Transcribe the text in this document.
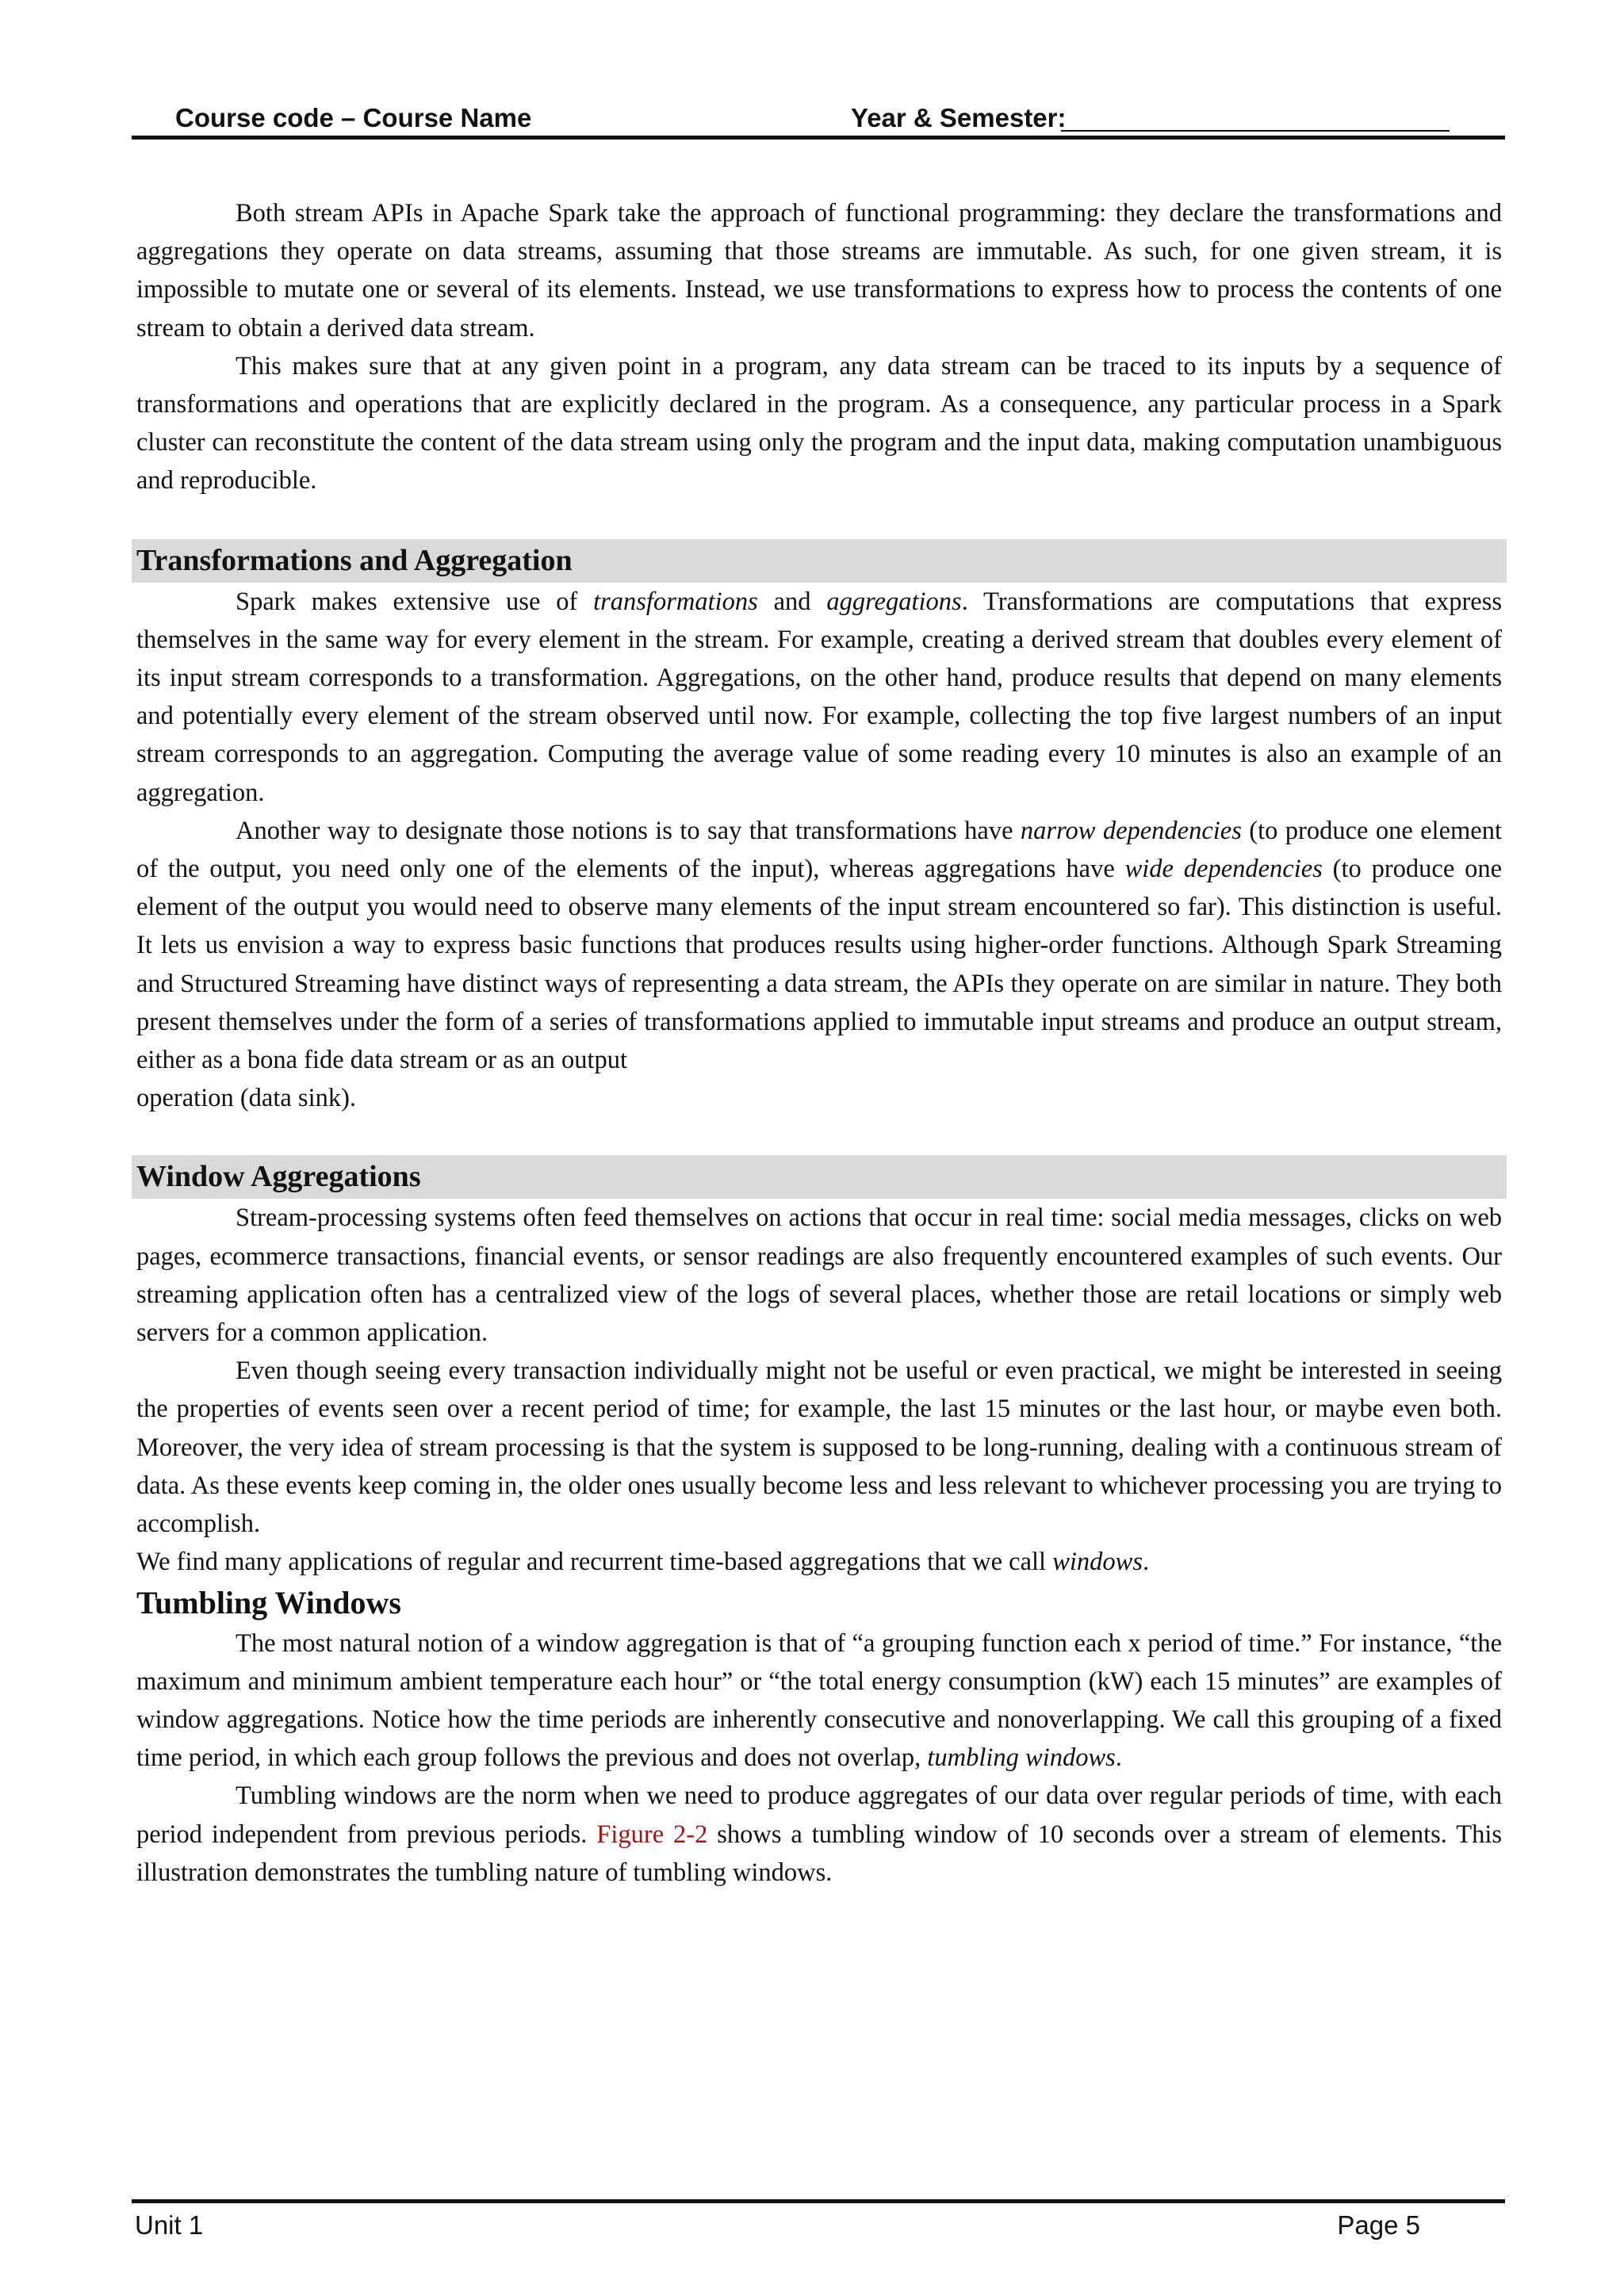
Course code – Course Name	Year & Semester:

Both stream APIs in Apache Spark take the approach of functional programming: they declare the transformations and aggregations they operate on data streams, assuming that those streams are immutable. As such, for one given stream, it is impossible to mutate one or several of its elements. Instead, we use transformations to express how to process the contents of one stream to obtain a derived data stream.

This makes sure that at any given point in a program, any data stream can be traced to its inputs by a sequence of transformations and operations that are explicitly declared in the program. As a consequence, any particular process in a Spark cluster can reconstitute the content of the data stream using only the program and the input data, making computation unambiguous and reproducible.

Transformations and Aggregation

Spark makes extensive use of transformations and aggregations. Transformations are computations that express themselves in the same way for every element in the stream. For example, creating a derived stream that doubles every element of its input stream corresponds to a transformation. Aggregations, on the other hand, produce results that depend on many elements and potentially every element of the stream observed until now. For example, collecting the top five largest numbers of an input stream corresponds to an aggregation. Computing the average value of some reading every 10 minutes is also an example of an aggregation.

Another way to designate those notions is to say that transformations have narrow dependencies (to produce one element of the output, you need only one of the elements of the input), whereas aggregations have wide dependencies (to produce one element of the output you would need to observe many elements of the input stream encountered so far). This distinction is useful. It lets us envision a way to express basic functions that produces results using higher-order functions. Although Spark Streaming and Structured Streaming have distinct ways of representing a data stream, the APIs they operate on are similar in nature. They both present themselves under the form of a series of transformations applied to immutable input streams and produce an output stream, either as a bona fide data stream or as an output

operation (data sink).

Window Aggregations

Stream-processing systems often feed themselves on actions that occur in real time: social media messages, clicks on web pages, ecommerce transactions, financial events, or sensor readings are also frequently encountered examples of such events. Our streaming application often has a centralized view of the logs of several places, whether those are retail locations or simply web servers for a common application.

Even though seeing every transaction individually might not be useful or even practical, we might be interested in seeing the properties of events seen over a recent period of time; for example, the last 15 minutes or the last hour, or maybe even both. Moreover, the very idea of stream processing is that the system is supposed to be long-running, dealing with a continuous stream of data. As these events keep coming in, the older ones usually become less and less relevant to whichever processing you are trying to accomplish.

We find many applications of regular and recurrent time-based aggregations that we call windows.

Tumbling Windows

The most natural notion of a window aggregation is that of “a grouping function each x period of time.” For instance, “the maximum and minimum ambient temperature each hour” or “the total energy consumption (kW) each 15 minutes” are examples of window aggregations. Notice how the time periods are inherently consecutive and nonoverlapping. We call this grouping of a fixed time period, in which each group follows the previous and does not overlap, tumbling windows.

Tumbling windows are the norm when we need to produce aggregates of our data over regular periods of time, with each period independent from previous periods. Figure 2-2 shows a tumbling window of 10 seconds over a stream of elements. This illustration demonstrates the tumbling nature of tumbling windows.

Unit 1	Page 5
